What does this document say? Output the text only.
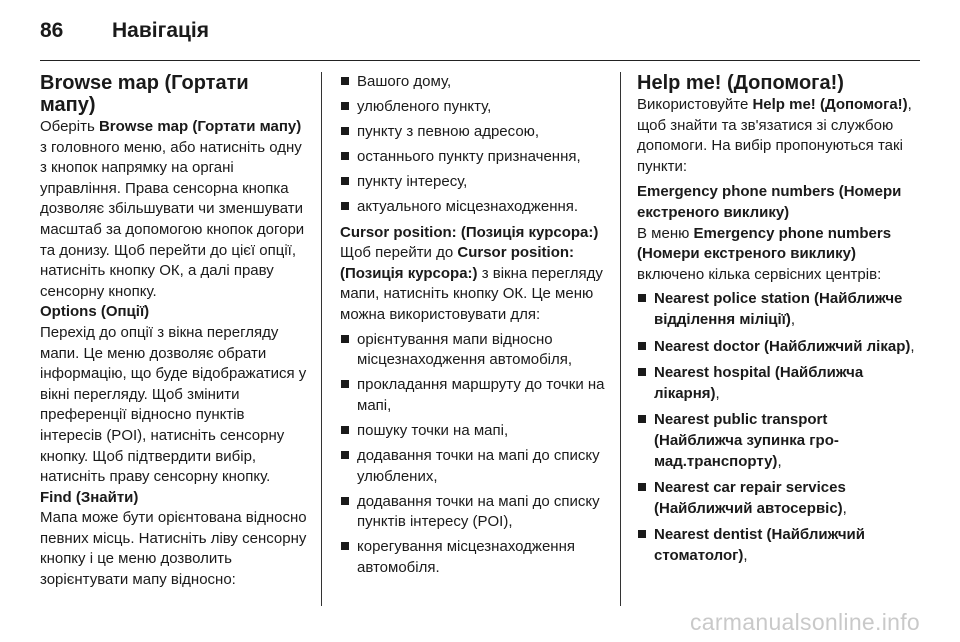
86	Навігація
Browse map (Гортати мапу)

Оберіть Browse map (Гортати мапу) з головного меню, або натисніть одну з кнопок напрямку на органі управління. Права сенсорна кнопка дозволяє збільшувати чи зменшувати масштаб за допомогою кнопок догори та донизу. Щоб перейти до цієї опції, натисніть кнопку ОК, а далі праву сенсорну кнопку.

Options (Опції)

Перехід до опції з вікна перегляду мапи. Це меню дозволяє обрати інформацію, що буде відображатися у вікні перегляду. Щоб змінити преференції відносно пунктів інтересів (POI), натисніть сенсорну кнопку. Щоб підтвердити вибір, натисніть праву сенсорну кнопку.

Find (Знайти)

Мапа може бути орієнтована відносно певних місць. Натисніть ліву сенсорну кнопку і це меню дозволить зорієнтувати мапу відносно:

Вашого дому,
улюбленого пункту,
пункту з певною адресою,
останнього пункту призначення,
пункту інтересу,
актуального місцезнаходження.
Cursor position: (Позиція курсора:)

Щоб перейти до Cursor position: (Позиція курсора:) з вікна перегляду мапи, натисніть кнопку ОК. Це меню можна використовувати для:

орієнтування мапи відносно місцезнаходження автомобіля,
прокладання маршруту до точки на мапі,
пошуку точки на мапі,
додавання точки на мапі до списку улюблених,
додавання точки на мапі до списку пунктів інтересу (POI),
корегування місцезнаходження автомобіля.
Help me! (Допомога!)

Використовуйте Help me! (Допомога!), щоб знайти та зв'язатися зі службою допомоги. На вибір пропонуються такі пункти:

Emergency phone numbers (Номери екстреного виклику)

В меню Emergency phone numbers (Номери екстреного виклику) включено кілька сервісних центрів:

Nearest police station (Найближче відділення міліції),
Nearest doctor (Найближчий лікар),
Nearest hospital (Найближча лікарня),
Nearest public transport (Найближча зупинка громад.транспорту),
Nearest car repair services (Найближчий автосервіс),
Nearest dentist (Найближчий стоматолог),
carmanualsonline.info
